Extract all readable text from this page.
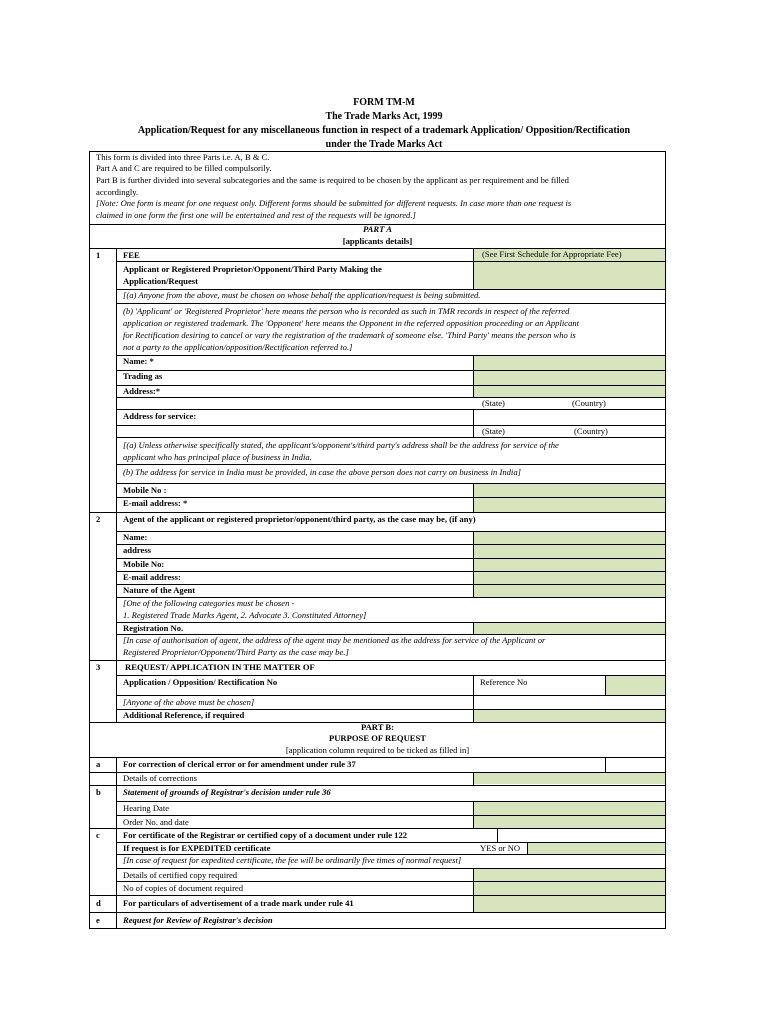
FORM TM-M
The Trade Marks Act, 1999
Application/Request for any miscellaneous function in respect of a trademark Application/ Opposition/Rectification
under the Trade Marks Act
This form is divided into three Parts i.e. A, B & C.
Part A and C are required to be filled compulsorily.
Part B is further divided into several subcategories and the same is required to be chosen by the applicant as per requirement and be filled
accordingly.
[Note: One form is meant for one request only. Different forms should be submitted for different requests. In case more than one request is
claimed in one form the first one will be entertained and rest of the requests will be ignored.]
PART A
[applicants details]
1	FEE	(See First Schedule for Appropriate Fee)
Applicant or Registered Proprietor/Opponent/Third Party Making the
Application/Request
[(a) Anyone from the above, must be chosen on whose behalf the application/request is being submitted.
(b) 'Applicant' or 'Registered Proprietor' here means the person who is recorded as such in TMR records in respect of the referred
application or registered trademark. The 'Opponent' here means the Opponent in the referred opposition proceeding or an Applicant
for Rectification desiring to cancel or vary the registration of the trademark of someone else. 'Third Party' means the person who is
not a party to the application/opposition/Rectification referred to.]
Name: *
Trading as
Address:*
(State)	(Country)
Address for service:
(State)	(Country)
[(a) Unless otherwise specifically stated, the applicant's/opponent's/third party's address shall be the address for service of the
applicant who has principal place of business in India.
(b) The address for service in India must be provided, in case the above person does not carry on business in India]
Mobile No :
E-mail address: *
2	Agent of the applicant or registered proprietor/opponent/third party, as the case may be, (if any)
Name:
address
Mobile No:
E-mail address:
Nature of the Agent
[One of the following categories must be chosen -
1. Registered Trade Marks Agent, 2. Advocate 3. Constituted Attorney]
Registration No.
[In case of authorisation of agent, the address of the agent may be mentioned as the address for service of the Applicant or
Registered Proprietor/Opponent/Third Party as the case may be.]
3	REQUEST/ APPLICATION IN THE MATTER OF
Application / Opposition/ Rectification No	Reference No
[Anyone of the above must be chosen]
Additional Reference, if required
PART B:
PURPOSE OF REQUEST
[application column required to be ticked as filled in]
a	For correction of clerical error or for amendment under rule 37
Details of corrections
b	Statement of grounds of Registrar's decision under rule 36
Hearing Date
Order No. and date
c	For certificate of the Registrar or certified copy of a document under rule 122
If request is for EXPEDITED certificate	YES or NO
[In case of request for expedited certificate, the fee will be ordinarily five times of normal request]
Details of certified copy required
No of copies of document required
d	For particulars of advertisement of a trade mark under rule 41
e	Request for Review of Registrar's decision
